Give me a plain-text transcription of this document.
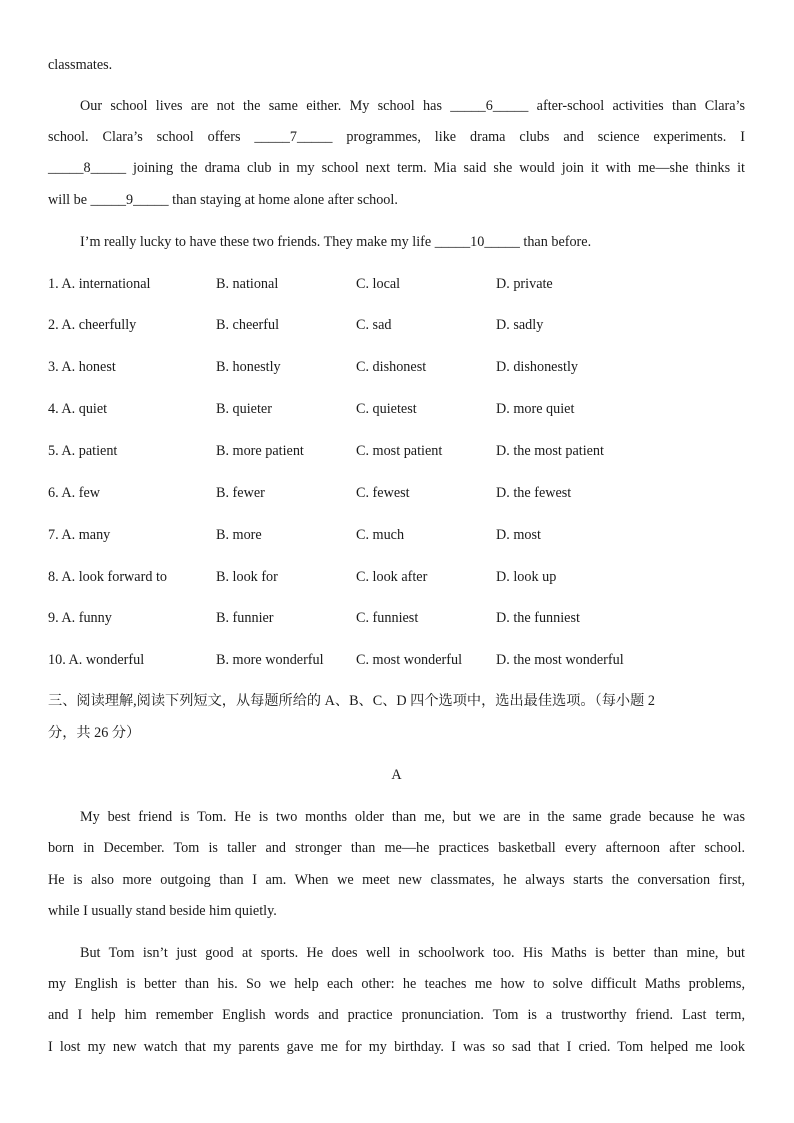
classmates.
Our school lives are not the same either. My school has _____6_____ after-school activities than Clara’s
school. Clara’s school offers _____7_____ programmes, like drama clubs and science experiments. I
_____8_____ joining the drama club in my school next term. Mia said she would join it with me—she thinks it
will be _____9_____ than staying at home alone after school.
I’m really lucky to have these two friends. They make my life _____10_____ than before.
1. A. international	B. national	C. local	D. private
2. A. cheerfully	B. cheerful	C. sad	D. sadly
3. A. honest	B. honestly	C. dishonest	D. dishonestly
4. A. quiet	B. quieter	C. quietest	D. more quiet
5. A. patient	B. more patient	C. most patient	D. the most patient
6. A. few	B. fewer	C. fewest	D. the fewest
7. A. many	B. more	C. much	D. most
8. A. look forward to	B. look for	C. look after	D. look up
9. A. funny	B. funnier	C. funniest	D. the funniest
10. A. wonderful	B. more wonderful C. most wonderful D. the most wonderful
三、阅读理解,阅读下列短文，从每题所给的 A、B、C、D 四个选项中，选出最佳选项。（每小题 2
分，共 26 分）
A
My best friend is Tom. He is two months older than me, but we are in the same grade because he was
born in December. Tom is taller and stronger than me—he practices basketball every afternoon after school.
He is also more outgoing than I am. When we meet new classmates, he always starts the conversation first,
while I usually stand beside him quietly.
But Tom isn’t just good at sports. He does well in schoolwork too. His Maths is better than mine, but
my English is better than his. So we help each other: he teaches me how to solve difficult Maths problems,
and I help him remember English words and practice pronunciation. Tom is a trustworthy friend. Last term,
I lost my new watch that my parents gave me for my birthday. I was so sad that I cried. Tom helped me look
